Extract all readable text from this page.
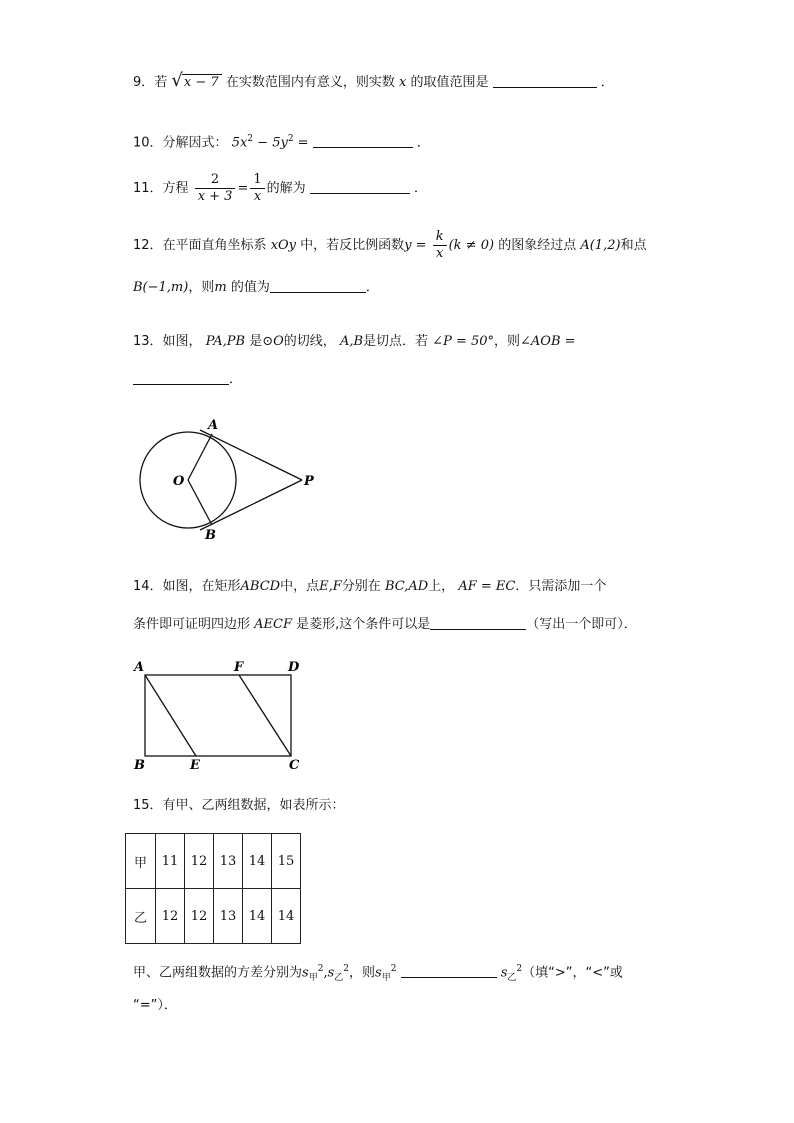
9．若 √x − 7 在实数范围内有意义，则实数 x 的取值范围是	．
10．分解因式： $5x^2 - 5y^2$ =	．
11．方程 $\frac{2}{x + 3} = \frac{1}{x}$ 的解为	．
12．在平面直角坐标系 xOy 中，若反比例函数$y = \frac{k}{x} (k \ne 0)$ 的图象经过点 A(1,2)和点
B(−1,m)，则m 的值为	．
13．如图， PA,PB 是⊙O的切线， A,B是切点．若 ∠P = 50°，则∠AOB =
．
A
O	P
B
14．如图，在矩形ABCD中，点E,F分别在 BC,AD上， AF = EC．只需添加一个
条件即可证明四边形 AECF 是菱形,这个条件可以是	（写出一个即可）．
A	F	D
B	E	C
15．有甲、乙两组数据，如表所示：
甲	11	12	13	14	15
乙	12	12	13	14	14
甲、乙两组数据的方差分别为$s_甲^2,s_乙^2$，则$s_甲^2$	$s_乙^2$（填“>”，“<”或
“=”）．
